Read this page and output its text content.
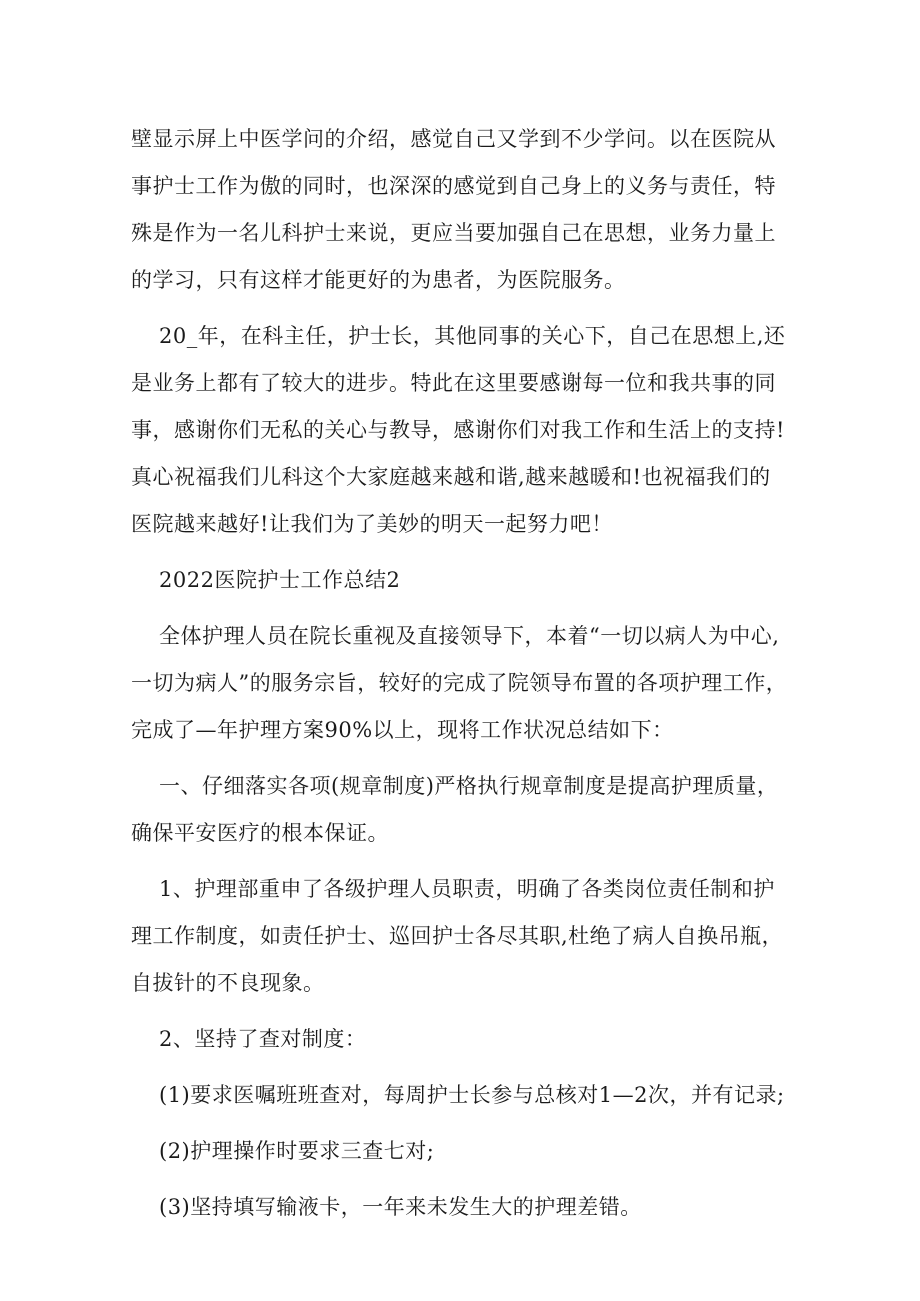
壁显示屏上中医学问的介绍，感觉自己又学到不少学问。以在医院从事护士工作为傲的同时，也深深的感觉到自己身上的义务与责任，特殊是作为一名儿科护士来说，更应当要加强自己在思想，业务力量上的学习，只有这样才能更好的为患者，为医院服务。

20_年，在科主任，护士长，其他同事的关心下，自己在思想上,还是业务上都有了较大的进步。特此在这里要感谢每一位和我共事的同事，感谢你们无私的关心与教导，感谢你们对我工作和生活上的支持!真心祝福我们儿科这个大家庭越来越和谐,越来越暖和!也祝福我们的医院越来越好!让我们为了美妙的明天一起努力吧！

2022医院护士工作总结2

全体护理人员在院长重视及直接领导下，本着“一切以病人为中心,一切为病人”的服务宗旨，较好的完成了院领导布置的各项护理工作，完成了—年护理方案90%以上，现将工作状况总结如下：

一、仔细落实各项(规章制度)严格执行规章制度是提高护理质量，确保平安医疗的根本保证。

1、护理部重申了各级护理人员职责，明确了各类岗位责任制和护理工作制度，如责任护士、巡回护士各尽其职,杜绝了病人自换吊瓶，自拔针的不良现象。

2、坚持了查对制度：

(1)要求医嘱班班查对，每周护士长参与总核对1—2次，并有记录;

(2)护理操作时要求三查七对;

(3)坚持填写输液卡，一年来未发生大的护理差错。
